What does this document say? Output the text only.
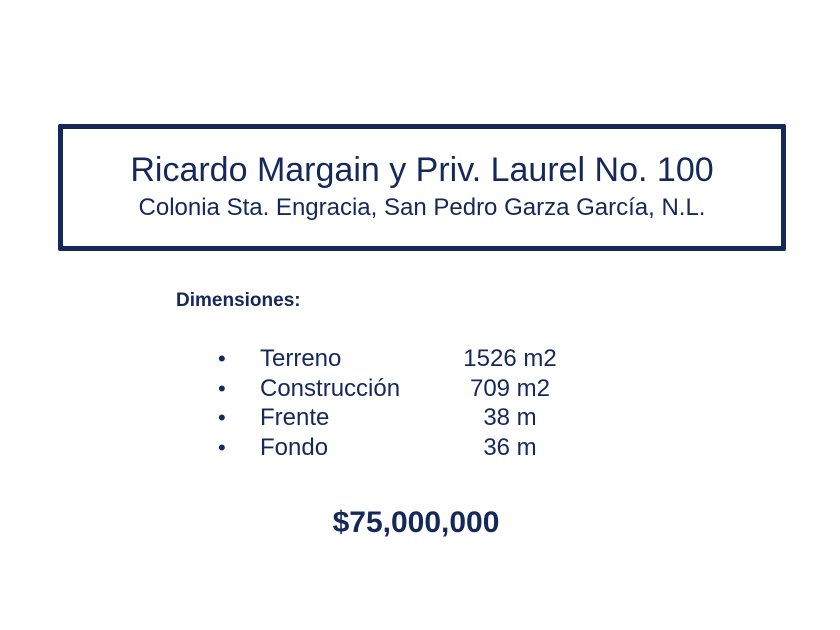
Ricardo Margain y Priv. Laurel No. 100
Colonia Sta. Engracia, San Pedro Garza García, N.L.
Dimensiones:
• Terreno	1526 m2
• Construcción	709 m2
• Frente	38 m
• Fondo	36 m
$75,000,000
